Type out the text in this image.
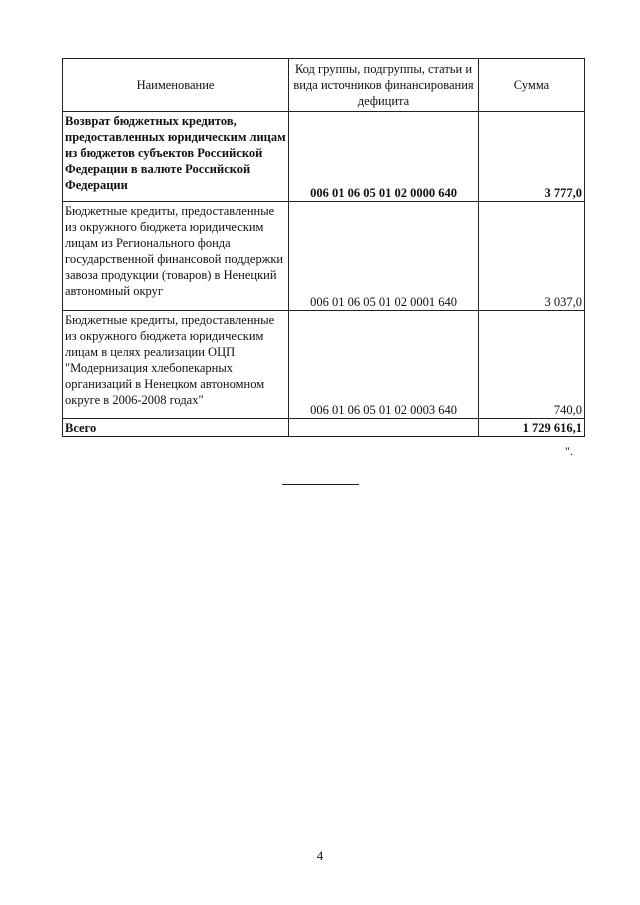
Наименование	Код группы, подгруппы, статьи и вида источников финансирования дефицита	Сумма
Возврат бюджетных кредитов, предоставленных юридическим лицам из бюджетов субъектов Российской Федерации в валюте Российской Федерации	006 01 06 05 01 02 0000 640	3 777,0
Бюджетные кредиты, предоставленные из окружного бюджета юридическим лицам из Регионального фонда государственной финансовой поддержки завоза продукции (товаров) в Ненецкий автономный округ	006 01 06 05 01 02 0001 640	3 037,0
Бюджетные кредиты, предоставленные из окружного бюджета юридическим лицам в целях реализации ОЦП "Модернизация хлебопекарных организаций в Ненецком автономном округе в 2006-2008 годах"	006 01 06 05 01 02 0003 640	740,0
Всего		1 729 616,1
".
4
